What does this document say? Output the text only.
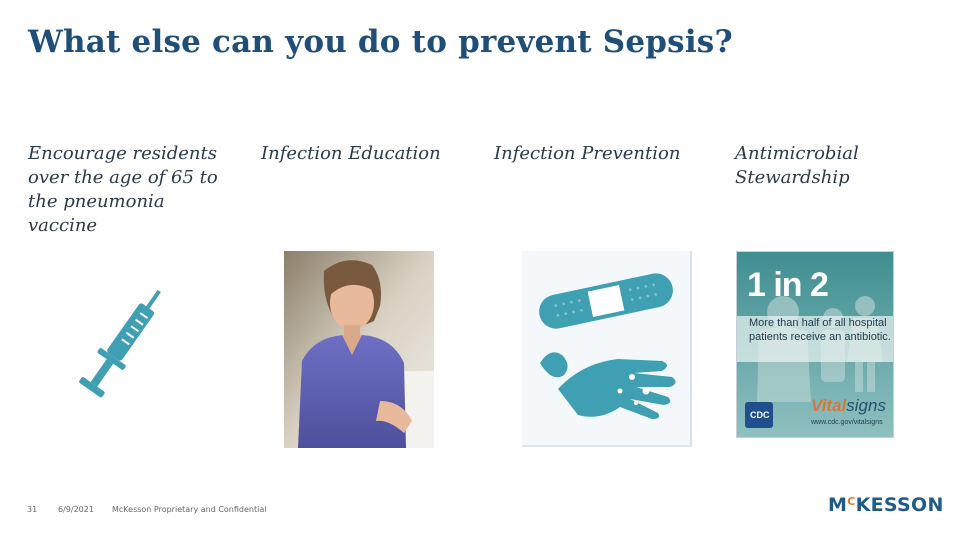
What else can you do to prevent Sepsis?
Encourage residents over the age of 65 to the pneumonia vaccine
Infection Education	Infection Prevention	Antimicrobial Stewardship
1 in 2
More than half of all hospital patients receive an antibiotic.
CDC Vitalsigns
www.cdc.gov/vitalsigns
31	6/9/2021 McKesson Proprietary and Confidential	$M^CKESSON$
